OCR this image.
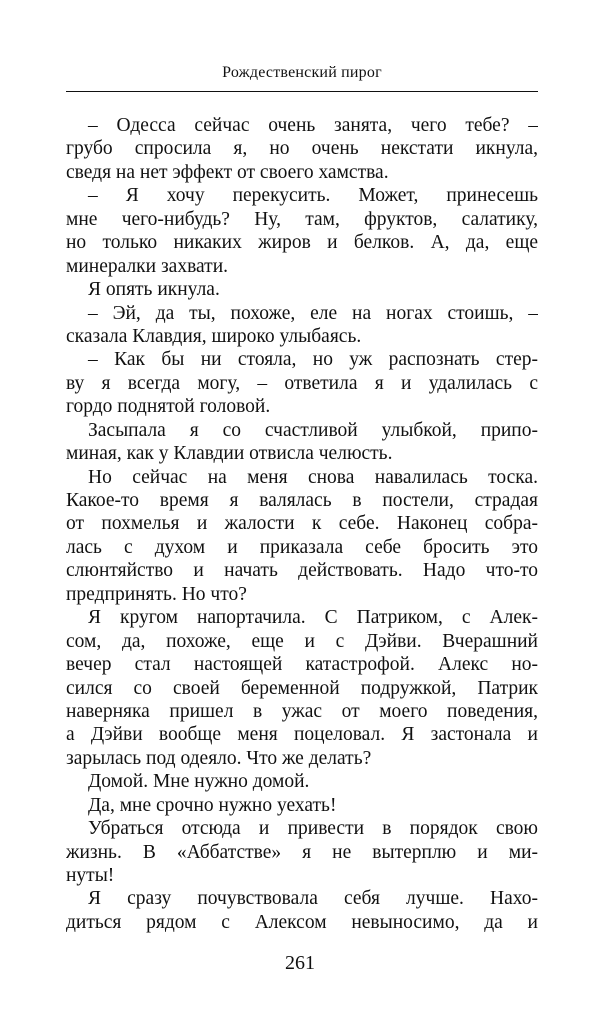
Рождественский пирог
– Одесса сейчас очень занята, чего тебе? –
грубо спросила я, но очень некстати икнула,
сведя на нет эффект от своего хамства.
– Я хочу перекусить. Может, принесешь
мне чего-нибудь? Ну, там, фруктов, салатику,
но только никаких жиров и белков. А, да, еще
минералки захвати.
Я опять икнула.
– Эй, да ты, похоже, еле на ногах стоишь, –
сказала Клавдия, широко улыбаясь.
– Как бы ни стояла, но уж распознать стер-
ву я всегда могу, – ответила я и удалилась с
гордо поднятой головой.
Засыпала я со счастливой улыбкой, припо-
миная, как у Клавдии отвисла челюсть.
Но сейчас на меня снова навалилась тоска.
Какое-то время я валялась в постели, страдая
от похмелья и жалости к себе. Наконец собра-
лась с духом и приказала себе бросить это
слюнтяйство и начать действовать. Надо что-то
предпринять. Но что?
Я кругом напортачила. С Патриком, с Алек-
сом, да, похоже, еще и с Дэйви. Вчерашний
вечер стал настоящей катастрофой. Алекс но-
сился со своей беременной подружкой, Патрик
наверняка пришел в ужас от моего поведения,
а Дэйви вообще меня поцеловал. Я застонала и
зарылась под одеяло. Что же делать?
Домой. Мне нужно домой.
Да, мне срочно нужно уехать!
Убраться отсюда и привести в порядок свою
жизнь. В «Аббатстве» я не вытерплю и ми-
нуты!
Я сразу почувствовала себя лучше. Нахо-
диться рядом с Алексом невыносимо, да и
261
